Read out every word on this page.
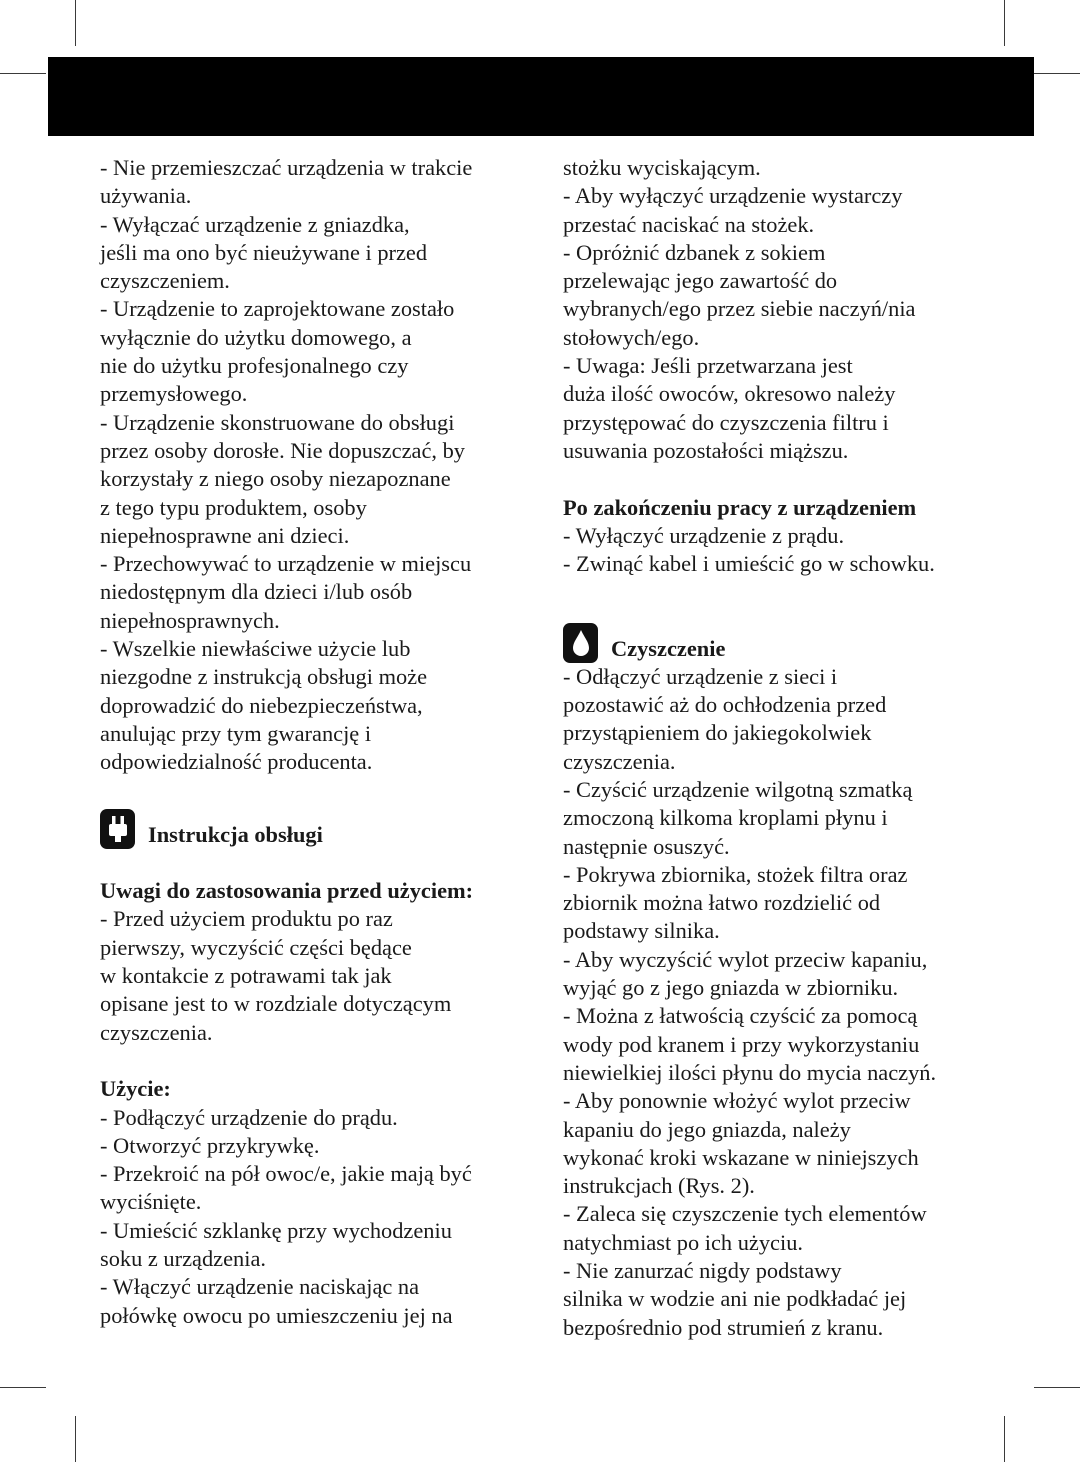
- Nie przemieszczać urządzenia w trakcie

używania.

- Wyłączać urządzenie z gniazdka,

jeśli ma ono być nieużywane i przed

czyszczeniem.

- Urządzenie to zaprojektowane zostało

wyłącznie do użytku domowego, a

nie do użytku profesjonalnego czy

przemysłowego.

- Urządzenie skonstruowane do obsługi

przez osoby dorosłe. Nie dopuszczać, by

korzystały z niego osoby niezapoznane

z tego typu produktem, osoby

niepełnosprawne ani dzieci.

- Przechowywać to urządzenie w miejscu

niedostępnym dla dzieci i/lub osób

niepełnosprawnych.

- Wszelkie niewłaściwe użycie lub

niezgodne z instrukcją obsługi może

doprowadzić do niebezpieczeństwa,

anulując przy tym gwarancję i

odpowiedzialność producenta.

Instrukcja obsługi

Uwagi do zastosowania przed użyciem:

- Przed użyciem produktu po raz

pierwszy, wyczyścić części będące

w kontakcie z potrawami tak jak

opisane jest to w rozdziale dotyczącym

czyszczenia.

Użycie:

- Podłączyć urządzenie do prądu.

- Otworzyć przykrywkę.

- Przekroić na pół owoc/e, jakie mają być

wyciśnięte.

- Umieścić szklankę przy wychodzeniu

soku z urządzenia.

- Włączyć urządzenie naciskając na

połówkę owocu po umieszczeniu jej na

stożku wyciskającym.

- Aby wyłączyć urządzenie wystarczy

przestać naciskać na stożek.

- Opróżnić dzbanek z sokiem

przelewając jego zawartość do

wybranych/ego przez siebie naczyń/nia

stołowych/ego.

- Uwaga: Jeśli przetwarzana jest

duża ilość owoców, okresowo należy

przystępować do czyszczenia filtru i

usuwania pozostałości miąższu.

Po zakończeniu pracy z urządzeniem

- Wyłączyć urządzenie z prądu.

- Zwinąć kabel i umieścić go w schowku.

Czyszczenie

- Odłączyć urządzenie z sieci i

pozostawić aż do ochłodzenia przed

przystąpieniem do jakiegokolwiek

czyszczenia.

- Czyścić urządzenie wilgotną szmatką

zmoczoną kilkoma kroplami płynu i

następnie osuszyć.

- Pokrywa zbiornika, stożek filtra oraz

zbiornik można łatwo rozdzielić od

podstawy silnika.

- Aby wyczyścić wylot przeciw kapaniu,

wyjąć go z jego gniazda w zbiorniku.

- Można z łatwością czyścić za pomocą

wody pod kranem i przy wykorzystaniu

niewielkiej ilości płynu do mycia naczyń.

- Aby ponownie włożyć wylot przeciw

kapaniu do jego gniazda, należy

wykonać kroki wskazane w niniejszych

instrukcjach (Rys. 2).

- Zaleca się czyszczenie tych elementów

natychmiast po ich użyciu.

- Nie zanurzać nigdy podstawy

silnika w wodzie ani nie podkładać jej

bezpośrednio pod strumień z kranu.
